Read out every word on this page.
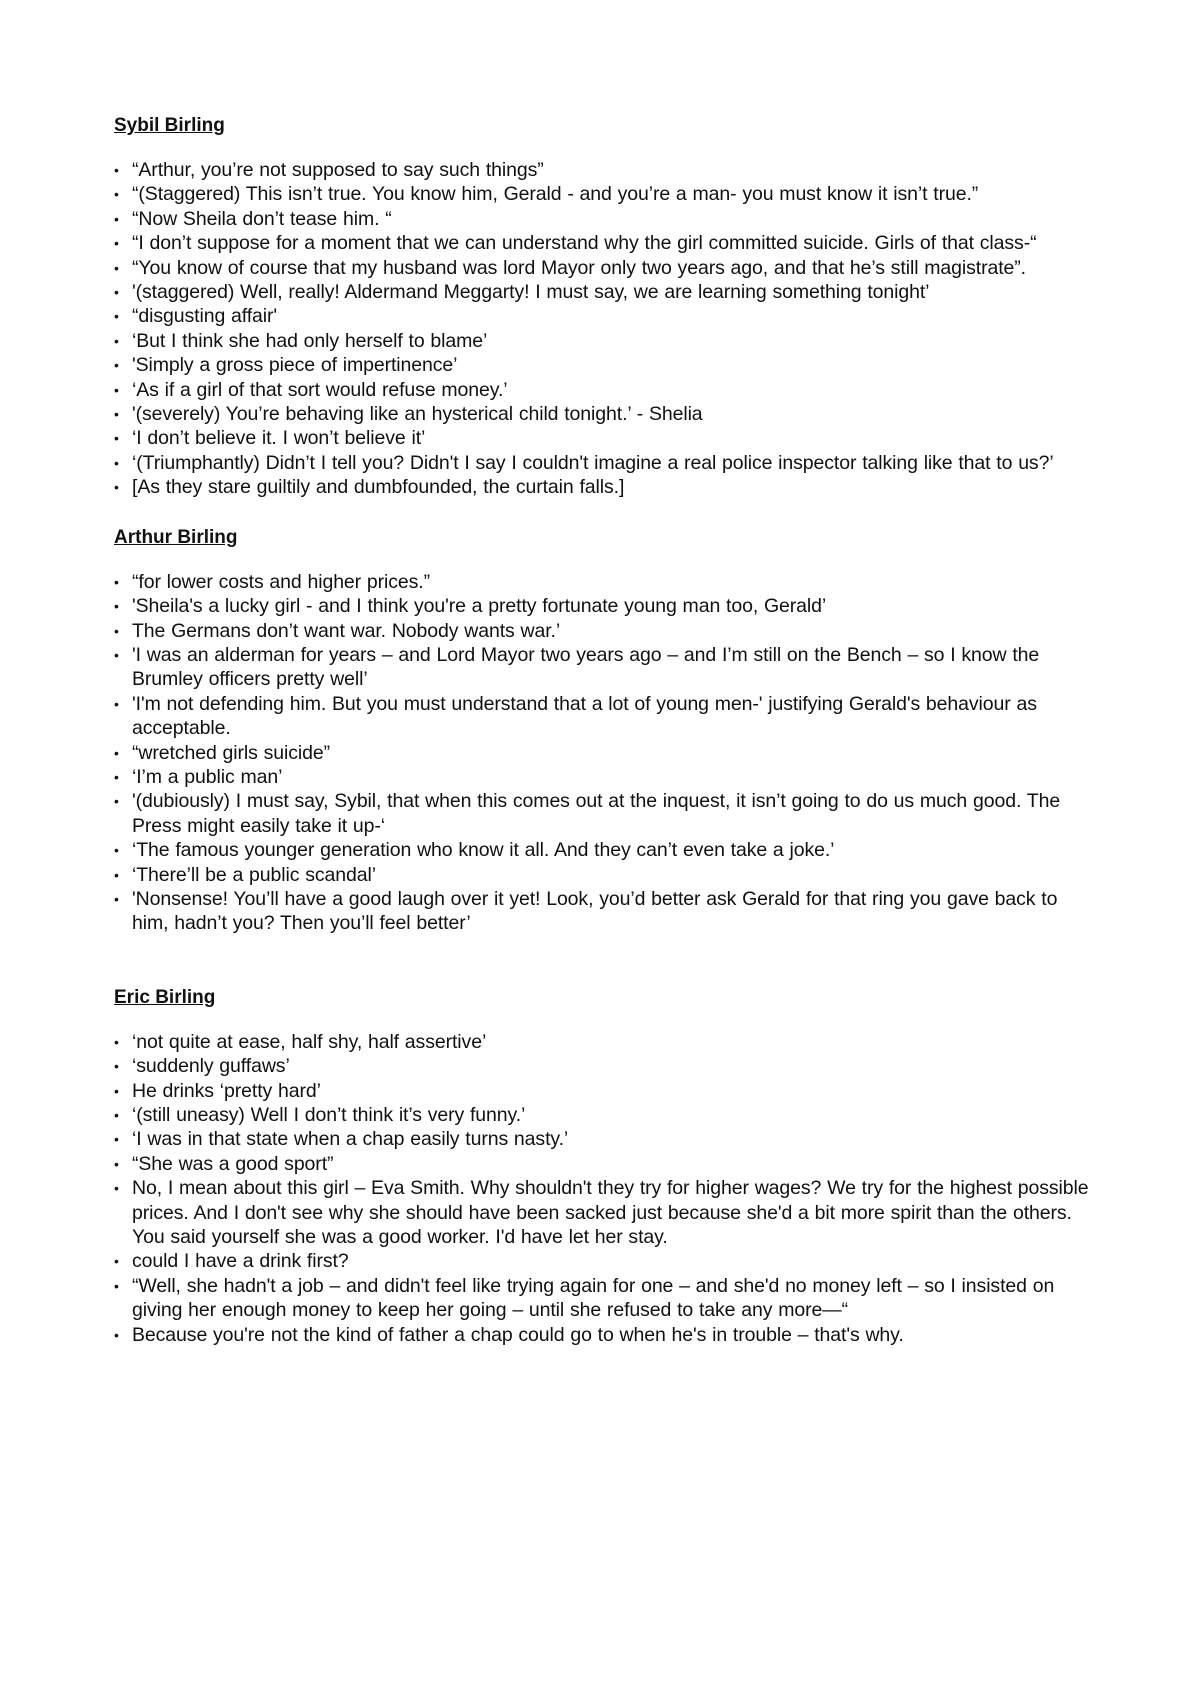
Sybil Birling
• “Arthur, you’re not supposed to say such things”
• “(Staggered) This isn’t true. You know him, Gerald - and you’re a man- you must know it isn’t true.”
• “Now Sheila don’t tease him. “
• “I don’t suppose for a moment that we can understand why the girl committed suicide. Girls of that class-“
• “You know of course that my husband was lord Mayor only two years ago, and that he’s still magistrate”.
• '(staggered) Well, really! Aldermand Meggarty! I must say, we are learning something tonight’
• “disgusting affair'
• ‘But I think she had only herself to blame’
• 'Simply a gross piece of impertinence’
• ‘As if a girl of that sort would refuse money.’
• '(severely) You’re behaving like an hysterical child tonight.’ - Shelia
• ‘I don’t believe it. I won’t believe it’
• ‘(Triumphantly) Didn’t I tell you? Didn't I say I couldn't imagine a real police inspector talking like that to us?’
• [As they stare guiltily and dumbfounded, the curtain falls.]
Arthur Birling
• “for lower costs and higher prices.”
• 'Sheila's a lucky girl - and I think you're a pretty fortunate young man too, Gerald’
• The Germans don’t want war. Nobody wants war.’
• 'I was an alderman for years – and Lord Mayor two years ago – and I’m still on the Bench – so I know the Brumley officers pretty well’
• 'I'm not defending him. But you must understand that a lot of young men-' justifying Gerald's behaviour as acceptable.
• “wretched girls suicide”
• ‘I’m a public man’
• '(dubiously) I must say, Sybil, that when this comes out at the inquest, it isn’t going to do us much good. The Press might easily take it up-‘
• ‘The famous younger generation who know it all. And they can’t even take a joke.’
• ‘There’ll be a public scandal’
• 'Nonsense! You’ll have a good laugh over it yet! Look, you’d better ask Gerald for that ring you gave back to him, hadn’t you? Then you’ll feel better’
Eric Birling
• ‘not quite at ease, half shy, half assertive’
• ‘suddenly guffaws’
• He drinks ‘pretty hard’
• ‘(still uneasy) Well I don’t think it’s very funny.’
• ‘I was in that state when a chap easily turns nasty.’
• “She was a good sport”
• No, I mean about this girl – Eva Smith. Why shouldn't they try for higher wages? We try for the highest possible prices. And I don't see why she should have been sacked just because she'd a bit more spirit than the others. You said yourself she was a good worker. I'd have let her stay.
• could I have a drink first?
• “Well, she hadn't a job – and didn't feel like trying again for one – and she'd no money left – so I insisted on giving her enough money to keep her going – until she refused to take any more—“
• Because you're not the kind of father a chap could go to when he's in trouble – that's why.
